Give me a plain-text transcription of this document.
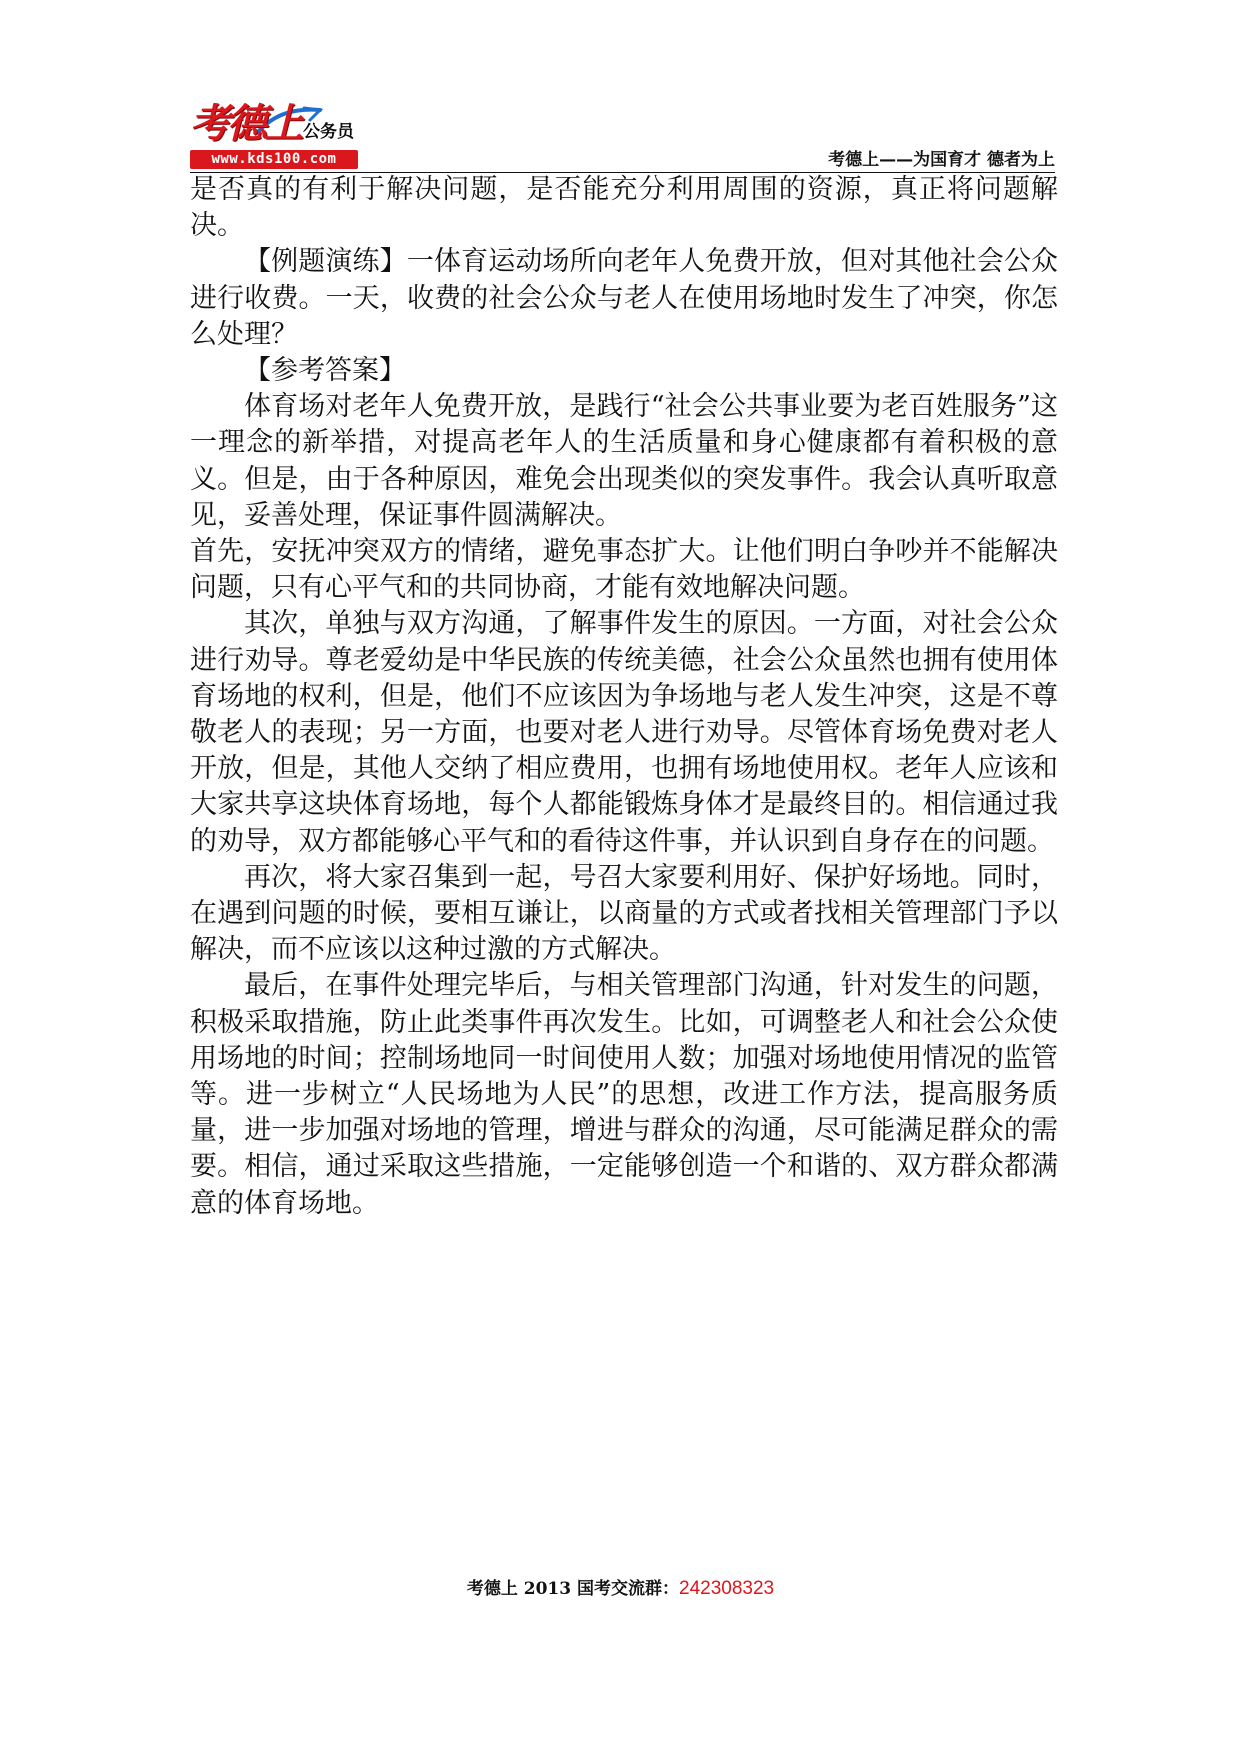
考德上 公务员
www.kds100.com	考德上——为国育才 德者为上

是否真的有利于解决问题，是否能充分利用周围的资源，真正将问题解决。

【例题演练】一体育运动场所向老年人免费开放，但对其他社会公众进行收费。一天，收费的社会公众与老人在使用场地时发生了冲突，你怎么处理？

【参考答案】

体育场对老年人免费开放，是践行“社会公共事业要为老百姓服务”这一理念的新举措，对提高老年人的生活质量和身心健康都有着积极的意义。但是，由于各种原因，难免会出现类似的突发事件。我会认真听取意见，妥善处理，保证事件圆满解决。

首先，安抚冲突双方的情绪，避免事态扩大。让他们明白争吵并不能解决问题，只有心平气和的共同协商，才能有效地解决问题。

其次，单独与双方沟通，了解事件发生的原因。一方面，对社会公众进行劝导。尊老爱幼是中华民族的传统美德，社会公众虽然也拥有使用体育场地的权利，但是，他们不应该因为争场地与老人发生冲突，这是不尊敬老人的表现；另一方面，也要对老人进行劝导。尽管体育场免费对老人开放，但是，其他人交纳了相应费用，也拥有场地使用权。老年人应该和大家共享这块体育场地，每个人都能锻炼身体才是最终目的。相信通过我的劝导，双方都能够心平气和的看待这件事，并认识到自身存在的问题。

再次，将大家召集到一起，号召大家要利用好、保护好场地。同时，在遇到问题的时候，要相互谦让，以商量的方式或者找相关管理部门予以解决，而不应该以这种过激的方式解决。

最后，在事件处理完毕后，与相关管理部门沟通，针对发生的问题，积极采取措施，防止此类事件再次发生。比如，可调整老人和社会公众使用场地的时间；控制场地同一时间使用人数；加强对场地使用情况的监管等。进一步树立“人民场地为人民”的思想，改进工作方法，提高服务质量，进一步加强对场地的管理，增进与群众的沟通，尽可能满足群众的需要。相信，通过采取这些措施，一定能够创造一个和谐的、双方群众都满意的体育场地。

考德上 2013 国考交流群：242308323
